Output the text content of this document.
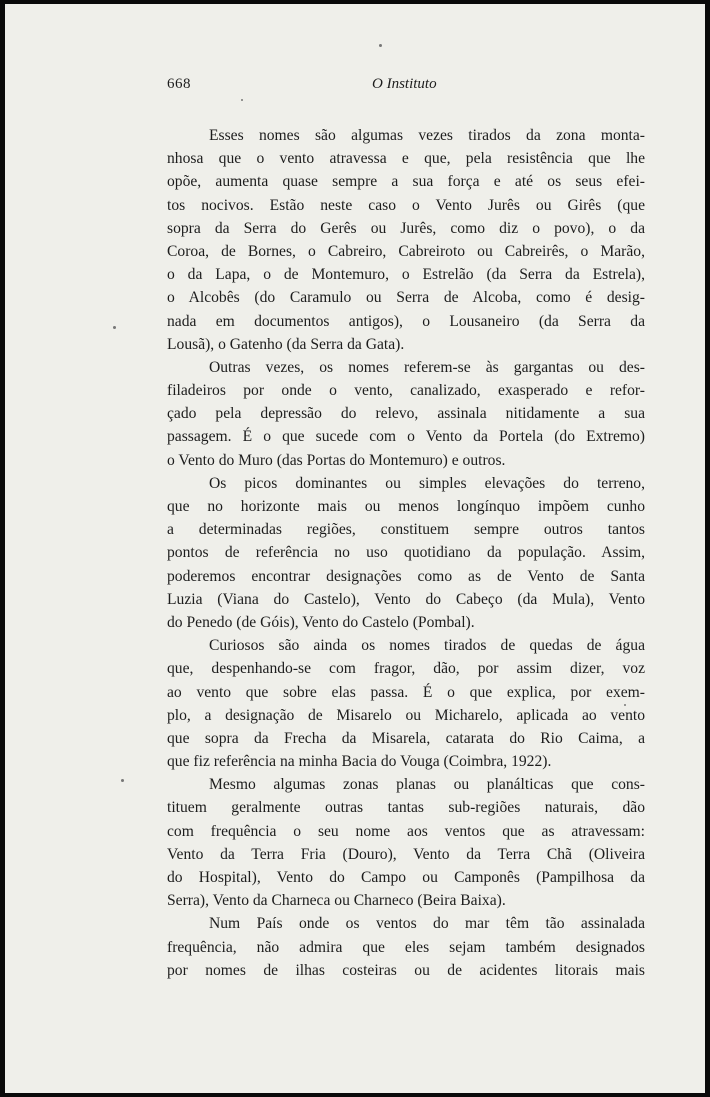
668	O Instituto

Esses nomes são algumas vezes tirados da zona monta-
nhosa que o vento atravessa e que, pela resistência que lhe
opõe, aumenta quase sempre a sua força e até os seus efei-
tos nocivos. Estão neste caso o Vento Jurês ou Girês (que
sopra da Serra do Gerês ou Jurês, como diz o povo), o da
Coroa, de Bornes, o Cabreiro, Cabreiroto ou Cabreirês, o Marão,
o da Lapa, o de Montemuro, o Estrelão (da Serra da Estrela),
o Alcobês (do Caramulo ou Serra de Alcoba, como é desig-
nada em documentos antigos), o Lousaneiro (da Serra da
Lousã), o Gatenho (da Serra da Gata).

Outras vezes, os nomes referem-se às gargantas ou des-
filadeiros por onde o vento, canalizado, exasperado e refor-
çado pela depressão do relevo, assinala nitidamente a sua
passagem. É o que sucede com o Vento da Portela (do Extremo)
o Vento do Muro (das Portas do Montemuro) e outros.

Os picos dominantes ou simples elevações do terreno,
que no horizonte mais ou menos longínquo impõem cunho
a determinadas regiões, constituem sempre outros tantos
pontos de referência no uso quotidiano da população. Assim,
poderemos encontrar designações como as de Vento de Santa
Luzia (Viana do Castelo), Vento do Cabeço (da Mula), Vento
do Penedo (de Góis), Vento do Castelo (Pombal).

Curiosos são ainda os nomes tirados de quedas de água
que, despenhando-se com fragor, dão, por assim dizer, voz
ao vento que sobre elas passa. É o que explica, por exem-
plo, a designação de Misarelo ou Micharelo, aplicada ao vento
que sopra da Frecha da Misarela, catarata do Rio Caima, a
que fiz referência na minha Bacia do Vouga (Coimbra, 1922).

Mesmo algumas zonas planas ou planálticas que cons-
tituem geralmente outras tantas sub-regiões naturais, dão
com frequência o seu nome aos ventos que as atravessam:
Vento da Terra Fria (Douro), Vento da Terra Chã (Oliveira
do Hospital), Vento do Campo ou Camponês (Pampilhosa da
Serra), Vento da Charneca ou Charneco (Beira Baixa).

Num País onde os ventos do mar têm tão assinalada
frequência, não admira que eles sejam também designados
por nomes de ilhas costeiras ou de acidentes litorais mais
